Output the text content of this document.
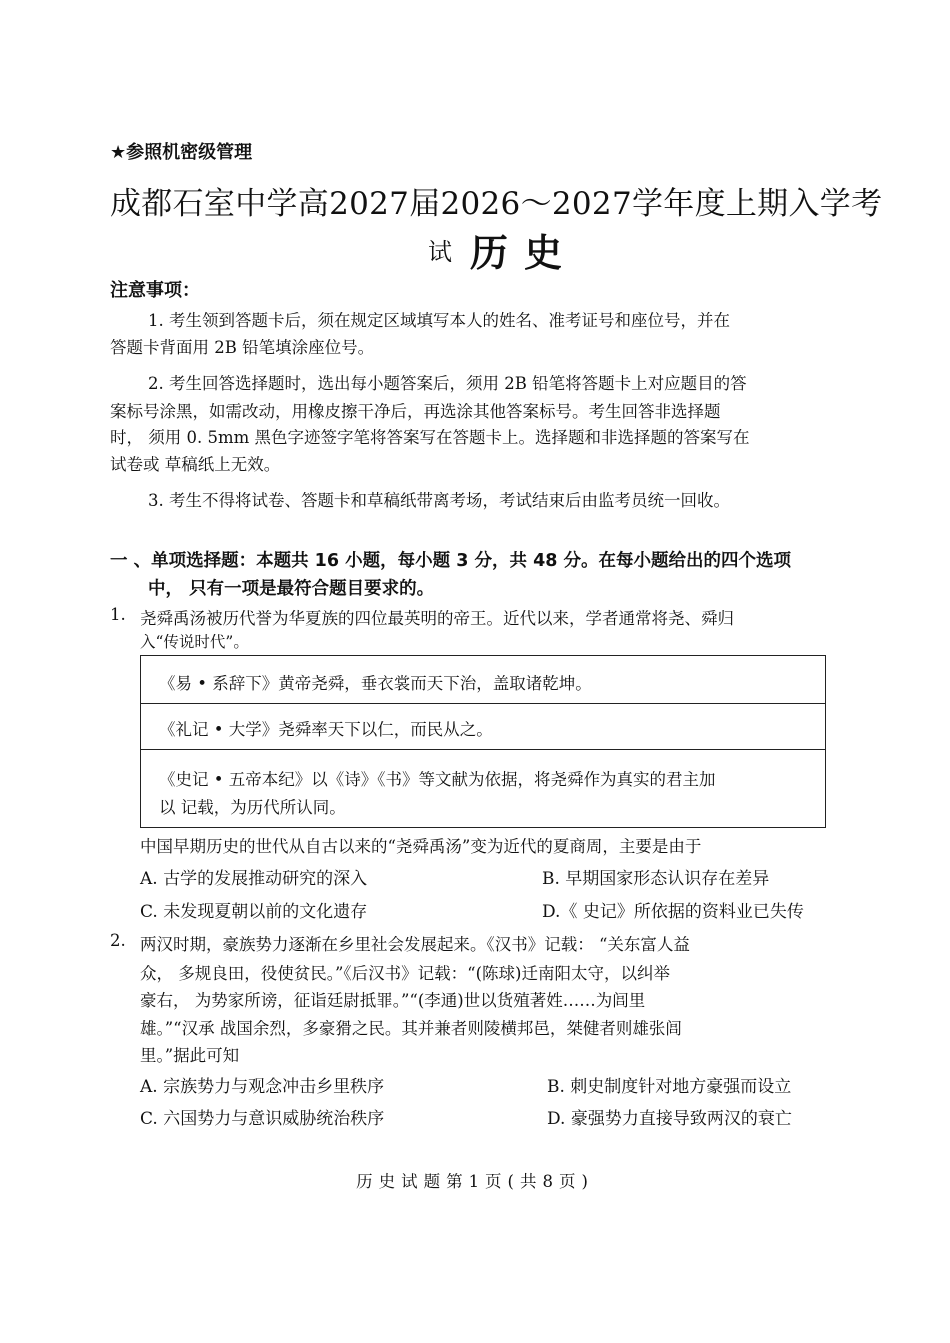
★参照机密级管理
成都石室中学高2027届2026～2027学年度上期入学考
试 历史
注意事项：
1. 考生领到答题卡后，须在规定区域填写本人的姓名、准考证号和座位号，并在
答题卡背面用 2B 铅笔填涂座位号。
2. 考生回答选择题时，选出每小题答案后，须用 2B 铅笔将答题卡上对应题目的答
案标号涂黑，如需改动，用橡皮擦干净后，再选涂其他答案标号。考生回答非选择题
时， 须用 0. 5mm 黑色字迹签字笔将答案写在答题卡上。选择题和非选择题的答案写在
试卷或 草稿纸上无效。
3. 考生不得将试卷、答题卡和草稿纸带离考场，考试结束后由监考员统一回收。
一 、单项选择题：本题共 16 小题，每小题 3 分，共 48 分。在每小题给出的四个选项
中， 只有一项是最符合题目要求的。
1. 尧舜禹汤被历代誉为华夏族的四位最英明的帝王。近代以来，学者通常将尧、舜归
入“传说时代”。
《易 • 系辞下》黄帝尧舜，垂衣裳而天下治，盖取诸乾坤。
《礼记 • 大学》尧舜率天下以仁，而民从之。
《史记 • 五帝本纪》以《诗》《书》等文献为依据，将尧舜作为真实的君主加
以 记载，为历代所认同。
中国早期历史的世代从自古以来的“尧舜禹汤”变为近代的夏商周，主要是由于
A. 古学的发展推动研究的深入	B. 早期国家形态认识存在差异
C. 未发现夏朝以前的文化遗存	D.《 史记》所依据的资料业已失传
2. 两汉时期，豪族势力逐渐在乡里社会发展起来。《汉书》记载： “关东富人益
众， 多规良田，役使贫民。”《后汉书》记载：“(陈球)迁南阳太守，以纠举
豪右， 为势家所谤，征诣廷尉抵罪。”“(李通)世以货殖著姓……为闾里
雄。”“汉承 战国余烈，多豪猾之民。其并兼者则陵横邦邑，桀健者则雄张闾
里。”据此可知
A. 宗族势力与观念冲击乡里秩序	B. 刺史制度针对地方豪强而设立
C. 六国势力与意识威胁统治秩序	D. 豪强势力直接导致两汉的衰亡
历史试题第1页(共8页)
